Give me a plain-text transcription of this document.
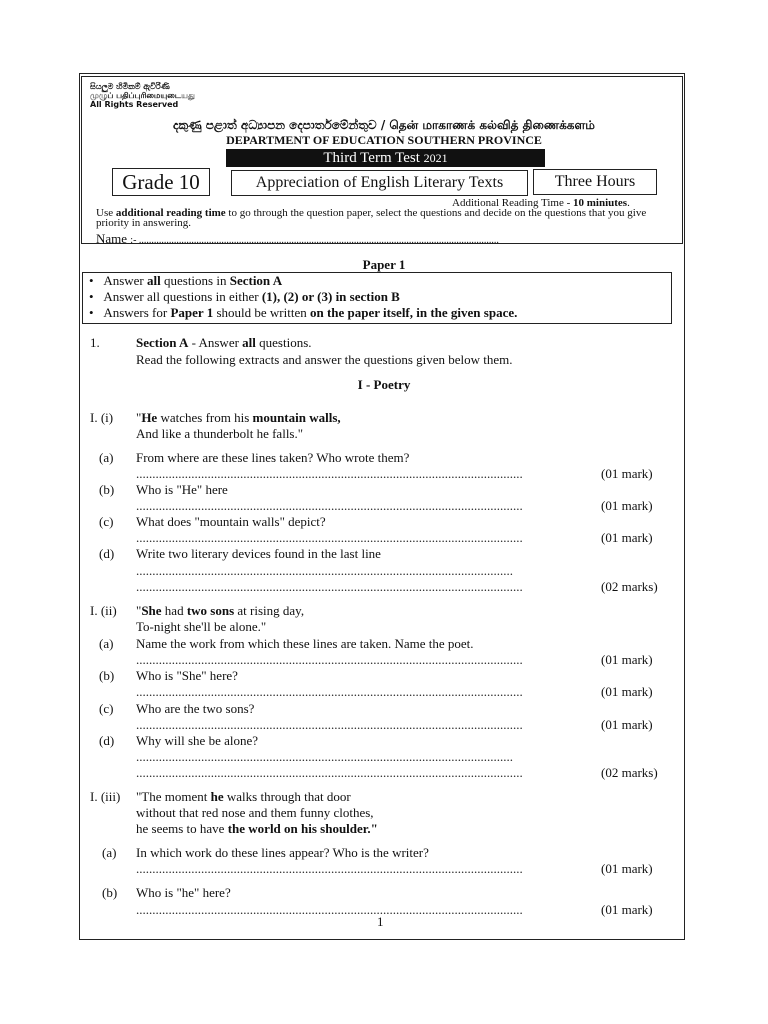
සියලුම හිමිකම් ඇවිරිණි
முழுப் பதிப்புரிமையுடையது
All Rights Reserved
දකුණු පළාත් අධ්‍යාපන දෙපාර්තමේන්තුව / தென் மாகாணக் கல்வித் திணைக்களம்
DEPARTMENT OF EDUCATION SOUTHERN PROVINCE
Third Term Test 2021
Grade 10	Appreciation of English Literary Texts	Three Hours
Additional Reading Time - 10 miniutes.
Use additional reading time to go through the question paper, select the questions and decide on the questions that you give priority in answering.
Name :- ................................................................................................................................................
Paper 1
• Answer all questions in Section A
• Answer all questions in either (1), (2) or (3) in section B
• Answers for Paper 1 should be written on the paper itself, in the given space.
1.	Section A - Answer all questions.
Read the following extracts and answer the questions given below them.
I - Poetry
I. (i) "He watches from his mountain walls,
And like a thunderbolt he falls."
(a) From where are these lines taken? Who wrote them?
.......................................................................................................................	(01 mark)
(b) Who is "He" here
.......................................................................................................................	(01 mark)
(c) What does "mountain walls" depict?
.......................................................................................................................	(01 mark)
(d) Write two literary devices found in the last line
....................................................................................................................
.......................................................................................................................	(02 marks)
I. (ii) "She had two sons at rising day,
To-night she'll be alone."
(a) Name the work from which these lines are taken. Name the poet.
.......................................................................................................................	(01 mark)
(b) Who is "She" here?
.......................................................................................................................	(01 mark)
(c) Who are the two sons?
.......................................................................................................................	(01 mark)
(d) Why will she be alone?
....................................................................................................................
.......................................................................................................................	(02 marks)
I. (iii) "The moment he walks through that door
without that red nose and them funny clothes,
he seems to have the world on his shoulder."
(a) In which work do these lines appear? Who is the writer?
.......................................................................................................................	(01 mark)
(b) Who is "he" here?
.......................................................................................................................	(01 mark)
1
